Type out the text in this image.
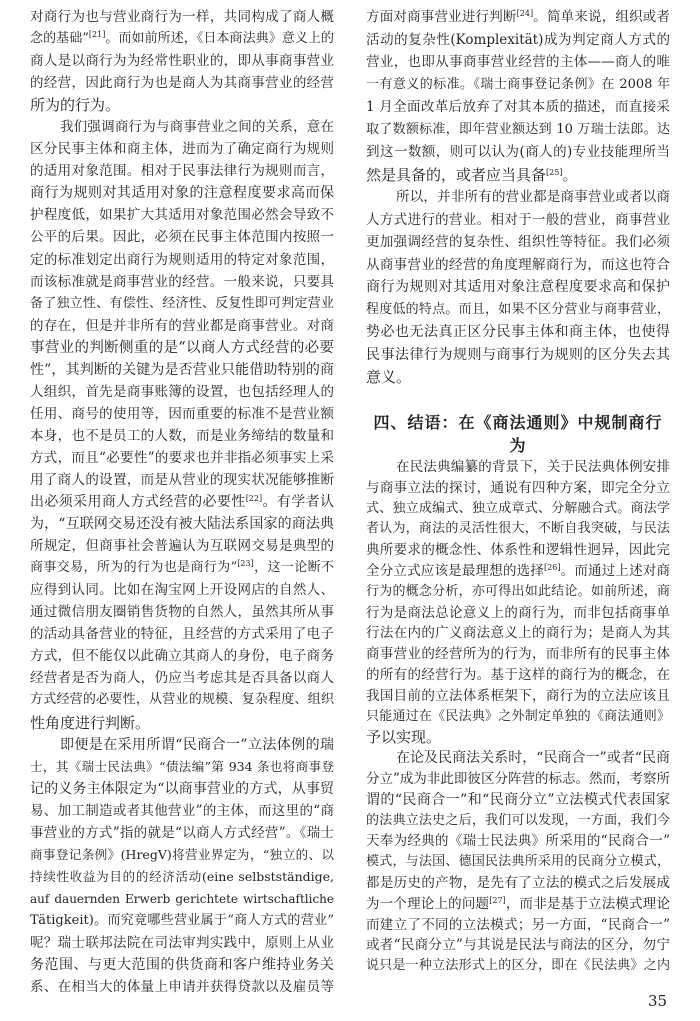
对商行为也与营业商行为一样，共同构成了商人概
念的基础”[21]。而如前所述，《日本商法典》意义上的
商人是以商行为为经常性职业的，即从事商事营业
的经营，因此商行为也是商人为其商事营业的经营
所为的行为。
我们强调商行为与商事营业之间的关系，意在
区分民事主体和商主体，进而为了确定商行为规则
的适用对象范围。相对于民事法律行为规则而言，
商行为规则对其适用对象的注意程度要求高而保
护程度低，如果扩大其适用对象范围必然会导致不
公平的后果。因此，必须在民事主体范围内按照一
定的标准划定出商行为规则适用的特定对象范围，
而该标准就是商事营业的经营。一般来说，只要具
备了独立性、有偿性、经济性、反复性即可判定营业
的存在，但是并非所有的营业都是商事营业。对商
事营业的判断侧重的是“以商人方式经营的必要
性”，其判断的关键为是否营业只能借助特别的商
人组织，首先是商事账簿的设置，也包括经理人的
任用、商号的使用等，因而重要的标准不是营业额
本身，也不是员工的人数，而是业务缔结的数量和
方式，而且“必要性”的要求也并非指必须事实上采
用了商人的设置，而是从营业的现实状况能够推断
出必须采用商人方式经营的必要性[22]。有学者认
为，“互联网交易还没有被大陆法系国家的商法典
所规定，但商事社会普遍认为互联网交易是典型的
商事交易，所为的行为也是商行为”[23]，这一论断不
应得到认同。比如在淘宝网上开设网店的自然人、
通过微信朋友圈销售货物的自然人，虽然其所从事
的活动具备营业的特征，且经营的方式采用了电子
方式，但不能仅以此确立其商人的身份，电子商务
经营者是否为商人，仍应当考虑其是否具备以商人
方式经营的必要性，从营业的规模、复杂程度、组织
性角度进行判断。
即便是在采用所谓“民商合一”立法体例的瑞
士，其《瑞士民法典》“债法编”第 934 条也将商事登
记的义务主体限定为“以商事营业的方式，从事贸
易、加工制造或者其他营业”的主体，而这里的“商
事营业的方式”指的就是“以商人方式经营”。《瑞士
商事登记条例》(HregV)将营业界定为，“独立的、以
持续性收益为目的的经济活动(eine selbstständige,
auf dauernden Erwerb gerichtete wirtschaftliche
Tätigkeit)。而究竟哪些营业属于“商人方式的营业”
呢？瑞士联邦法院在司法审判实践中，原则上从业
务范围、与更大范围的供货商和客户维持业务关
系、在相当大的体量上申请并获得贷款以及雇员等
方面对商事营业进行判断[24]。简单来说，组织或者
活动的复杂性(Komplexität)成为判定商人方式的
营业，也即从事商事营业经营的主体——商人的唯
一有意义的标准。《瑞士商事登记条例》在 2008 年
1 月全面改革后放弃了对其本质的描述，而直接采
取了数额标准，即年营业额达到 10 万瑞士法郎。达
到这一数额，则可以认为(商人的)专业技能理所当
然是具备的，或者应当具备[25]。
所以，并非所有的营业都是商事营业或者以商
人方式进行的营业。相对于一般的营业，商事营业
更加强调经营的复杂性、组织性等特征。我们必须
从商事营业的经营的角度理解商行为，而这也符合
商行为规则对其适用对象注意程度要求高和保护
程度低的特点。而且，如果不区分营业与商事营业，
势必也无法真正区分民事主体和商主体，也使得
民事法律行为规则与商事行为规则的区分失去其
意义。
四、结语：在《商法通则》中规制商行为
在民法典编纂的背景下，关于民法典体例安排
与商事立法的探讨，通说有四种方案，即完全分立
式、独立成编式、独立成章式、分解融合式。商法学
者认为，商法的灵活性很大，不断自我突破，与民法
典所要求的概念性、体系性和逻辑性迥异，因此完
全分立式应该是最理想的选择[26]。而通过上述对商
行为的概念分析，亦可得出如此结论。如前所述，商
行为是商法总论意义上的商行为，而非包括商事单
行法在内的广义商法意义上的商行为；是商人为其
商事营业的经营所为的行为，而非所有的民事主体
的所有的经营行为。基于这样的商行为的概念，在
我国目前的立法体系框架下，商行为的立法应该且
只能通过在《民法典》之外制定单独的《商法通则》
予以实现。
在论及民商法关系时，“民商合一”或者“民商
分立”成为非此即彼区分阵营的标志。然而，考察所
谓的“民商合一”和“民商分立”立法模式代表国家
的法典立法史之后，我们可以发现，一方面，我们今
天奉为经典的《瑞士民法典》所采用的“民商合一”
模式，与法国、德国民法典所采用的民商分立模式，
都是历史的产物，是先有了立法的模式之后发展成
为一个理论上的问题[27]，而非是基于立法模式理论
而建立了不同的立法模式；另一方面，“民商合一”
或者“民商分立”与其说是民法与商法的区分，勿宁
说只是一种立法形式上的区分，即在《民法典》之内
35
